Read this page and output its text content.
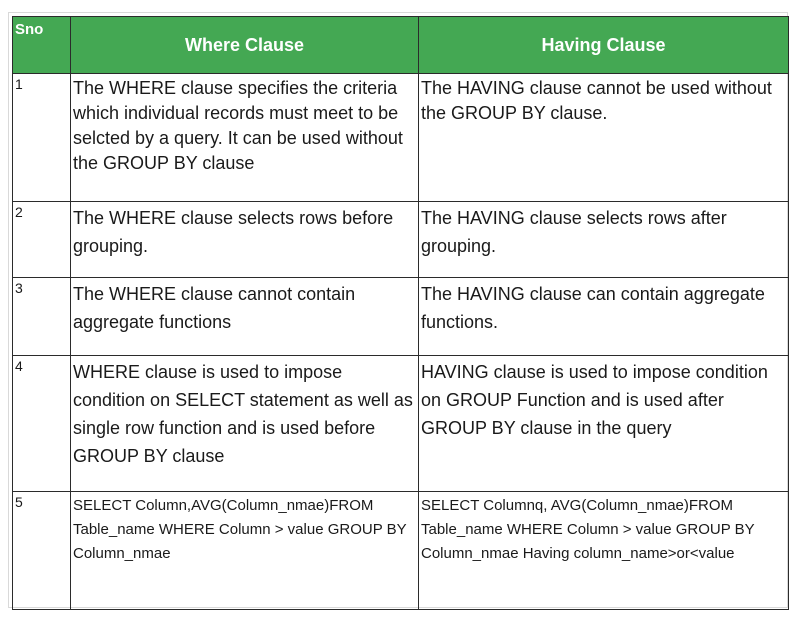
Sno	Where Clause	Having Clause
1	The WHERE clause specifies the criteria which individual records must meet to be selcted by a query. It can be used without the GROUP BY clause	The HAVING clause cannot be used without the GROUP BY clause.
2	The WHERE clause selects rows before grouping.	The HAVING clause selects rows after grouping.
3	The WHERE clause cannot contain aggregate functions	The HAVING clause can contain aggregate functions.
4	WHERE clause is used to impose condition on SELECT statement as well as single row function and is used before GROUP BY clause	HAVING clause is used to impose condition on GROUP Function and is used after GROUP BY clause in the query
5	SELECT Column,AVG(Column_nmae)FROM Table_name WHERE Column > value GROUP BY Column_nmae	SELECT Columnq, AVG(Column_nmae)FROM Table_name WHERE Column > value GROUP BY Column_nmae Having column_name>or<value
